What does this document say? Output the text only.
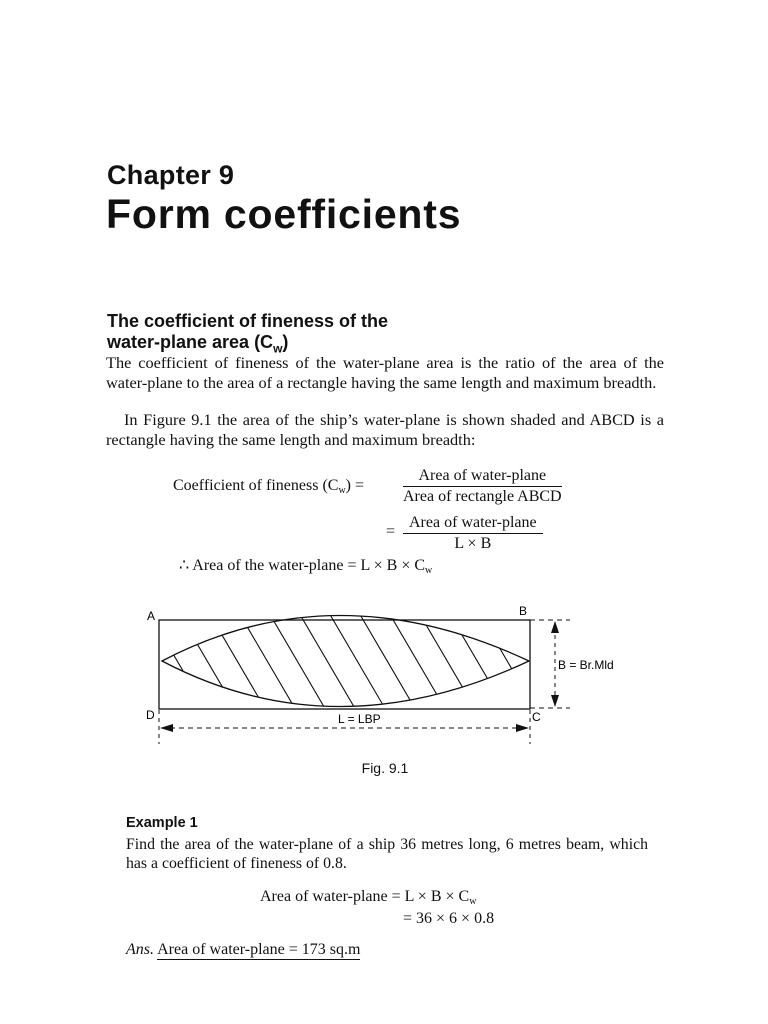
Chapter 9
Form coefficients
The coefficient of fineness of the
water-plane area $(C_w)$
The coefficient of fineness of the water-plane area is the ratio of the area of the water-plane to the area of a rectangle having the same length and maximum breadth.
In Figure 9.1 the area of the ship’s water-plane is shown shaded and ABCD is a rectangle having the same length and maximum breadth:
Coefficient of fineness $(C_w)$ =
Area of water-plane
Area of rectangle ABCD
=
Area of water-plane
L × B
∴ Area of the water-plane = $L \times B \times C_w$
A	B
C
D	L = LBP
B = Br.Mld
Fig. 9.1
Example 1
Find the area of the water-plane of a ship 36 metres long, 6 metres beam, which has a coefficient of fineness of 0.8.
Area of water-plane = $L \times B \times C_w$
= 36 × 6 × 0.8
Ans. Area of water-plane = 173 sq.m
